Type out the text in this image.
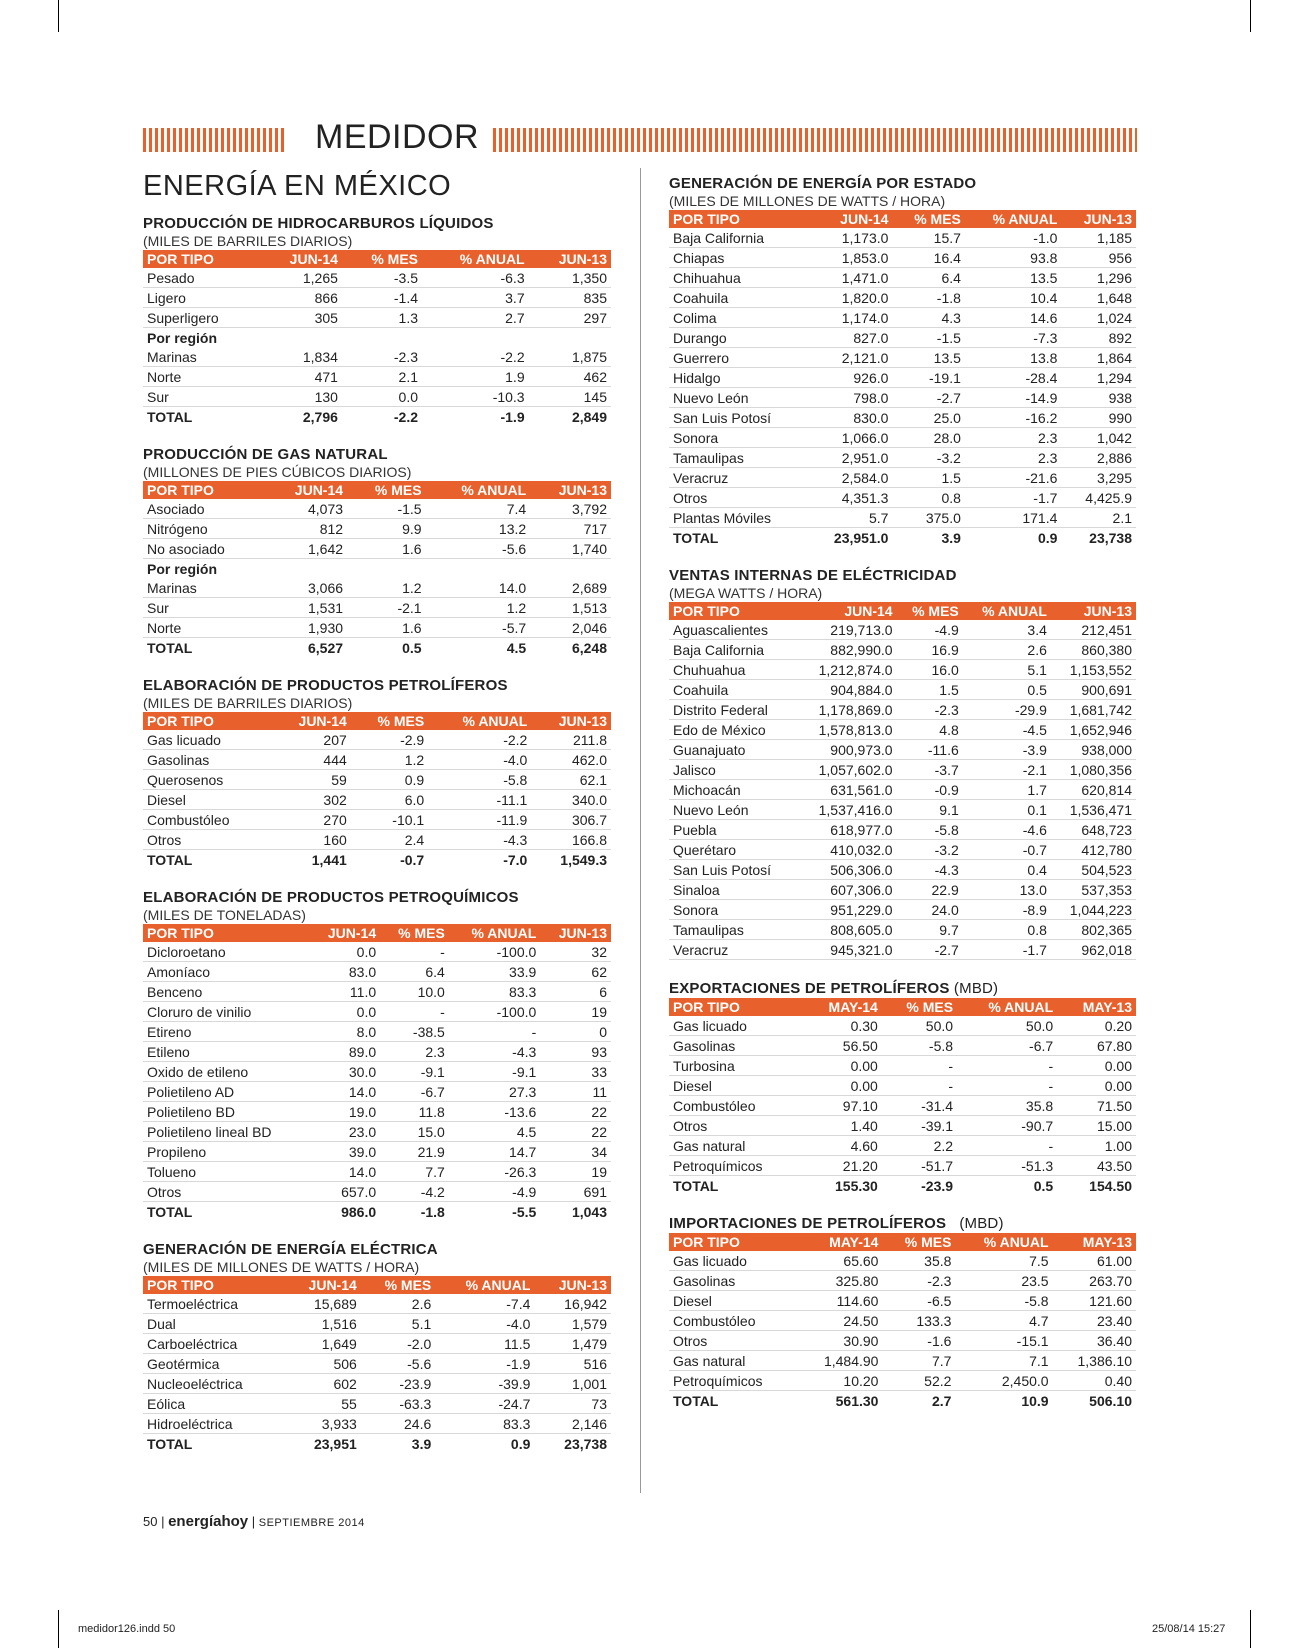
MEDIDOR
ENERGÍA EN MÉXICO
PRODUCCIÓN DE HIDROCARBUROS LÍQUIDOS
(MILES DE BARRILES DIARIOS)
POR TIPO	JUN-14	% MES	% ANUAL	JUN-13
Pesado	1,265	-3.5	-6.3	1,350
Ligero	866	-1.4	3.7	835
Superligero	305	1.3	2.7	297
Por región				
Marinas	1,834	-2.3	-2.2	1,875
Norte	471	2.1	1.9	462
Sur	130	0.0	-10.3	145
TOTAL	2,796	-2.2	-1.9	2,849
PRODUCCIÓN DE GAS NATURAL
(MILLONES DE PIES CÚBICOS DIARIOS)
POR TIPO	JUN-14	% MES	% ANUAL	JUN-13
Asociado	4,073	-1.5	7.4	3,792
Nitrógeno	812	9.9	13.2	717
No asociado	1,642	1.6	-5.6	1,740
Por región				
Marinas	3,066	1.2	14.0	2,689
Sur	1,531	-2.1	1.2	1,513
Norte	1,930	1.6	-5.7	2,046
TOTAL	6,527	0.5	4.5	6,248
ELABORACIÓN DE PRODUCTOS PETROLÍFEROS
(MILES DE BARRILES DIARIOS)
POR TIPO	JUN-14	% MES	% ANUAL	JUN-13
Gas licuado	207	-2.9	-2.2	211.8
Gasolinas	444	1.2	-4.0	462.0
Querosenos	59	0.9	-5.8	62.1
Diesel	302	6.0	-11.1	340.0
Combustóleo	270	-10.1	-11.9	306.7
Otros	160	2.4	-4.3	166.8
TOTAL	1,441	-0.7	-7.0	1,549.3
ELABORACIÓN DE PRODUCTOS PETROQUÍMICOS
(MILES DE TONELADAS)
POR TIPO	JUN-14	% MES	% ANUAL	JUN-13
Dicloroetano	0.0	-	-100.0	32
Amoníaco	83.0	6.4	33.9	62
Benceno	11.0	10.0	83.3	6
Cloruro de vinilio	0.0	-	-100.0	19
Etireno	8.0	-38.5	-	0
Etileno	89.0	2.3	-4.3	93
Oxido de etileno	30.0	-9.1	-9.1	33
Polietileno AD	14.0	-6.7	27.3	11
Polietileno BD	19.0	11.8	-13.6	22
Polietileno lineal BD	23.0	15.0	4.5	22
Propileno	39.0	21.9	14.7	34
Tolueno	14.0	7.7	-26.3	19
Otros	657.0	-4.2	-4.9	691
TOTAL	986.0	-1.8	-5.5	1,043
GENERACIÓN DE ENERGÍA ELÉCTRICA
(MILES DE MILLONES DE WATTS / HORA)
POR TIPO	JUN-14	% MES	% ANUAL	JUN-13
Termoeléctrica	15,689	2.6	-7.4	16,942
Dual	1,516	5.1	-4.0	1,579
Carboeléctrica	1,649	-2.0	11.5	1,479
Geotérmica	506	-5.6	-1.9	516
Nucleoeléctrica	602	-23.9	-39.9	1,001
Eólica	55	-63.3	-24.7	73
Hidroeléctrica	3,933	24.6	83.3	2,146
TOTAL	23,951	3.9	0.9	23,738
GENERACIÓN DE ENERGÍA POR ESTADO
(MILES DE MILLONES DE WATTS / HORA)
POR TIPO	JUN-14	% MES	% ANUAL	JUN-13
Baja California	1,173.0	15.7	-1.0	1,185
Chiapas	1,853.0	16.4	93.8	956
Chihuahua	1,471.0	6.4	13.5	1,296
Coahuila	1,820.0	-1.8	10.4	1,648
Colima	1,174.0	4.3	14.6	1,024
Durango	827.0	-1.5	-7.3	892
Guerrero	2,121.0	13.5	13.8	1,864
Hidalgo	926.0	-19.1	-28.4	1,294
Nuevo León	798.0	-2.7	-14.9	938
San Luis Potosí	830.0	25.0	-16.2	990
Sonora	1,066.0	28.0	2.3	1,042
Tamaulipas	2,951.0	-3.2	2.3	2,886
Veracruz	2,584.0	1.5	-21.6	3,295
Otros	4,351.3	0.8	-1.7	4,425.9
Plantas Móviles	5.7	375.0	171.4	2.1
TOTAL	23,951.0	3.9	0.9	23,738
VENTAS INTERNAS DE ELÉCTRICIDAD
(MEGA WATTS / HORA)
POR TIPO	JUN-14	% MES	% ANUAL	JUN-13
Aguascalientes	219,713.0	-4.9	3.4	212,451
Baja California	882,990.0	16.9	2.6	860,380
Chuhuahua	1,212,874.0	16.0	5.1	1,153,552
Coahuila	904,884.0	1.5	0.5	900,691
Distrito Federal	1,178,869.0	-2.3	-29.9	1,681,742
Edo de México	1,578,813.0	4.8	-4.5	1,652,946
Guanajuato	900,973.0	-11.6	-3.9	938,000
Jalisco	1,057,602.0	-3.7	-2.1	1,080,356
Michoacán	631,561.0	-0.9	1.7	620,814
Nuevo León	1,537,416.0	9.1	0.1	1,536,471
Puebla	618,977.0	-5.8	-4.6	648,723
Querétaro	410,032.0	-3.2	-0.7	412,780
San Luis Potosí	506,306.0	-4.3	0.4	504,523
Sinaloa	607,306.0	22.9	13.0	537,353
Sonora	951,229.0	24.0	-8.9	1,044,223
Tamaulipas	808,605.0	9.7	0.8	802,365
Veracruz	945,321.0	-2.7	-1.7	962,018
EXPORTACIONES DE PETROLÍFEROS (MBD)
POR TIPO	MAY-14	% MES	% ANUAL	MAY-13
Gas licuado	0.30	50.0	50.0	0.20
Gasolinas	56.50	-5.8	-6.7	67.80
Turbosina	0.00	-	-	0.00
Diesel	0.00	-	-	0.00
Combustóleo	97.10	-31.4	35.8	71.50
Otros	1.40	-39.1	-90.7	15.00
Gas natural	4.60	2.2	-	1.00
Petroquímicos	21.20	-51.7	-51.3	43.50
TOTAL	155.30	-23.9	0.5	154.50
IMPORTACIONES DE PETROLÍFEROS   (MBD)
POR TIPO	MAY-14	% MES	% ANUAL	MAY-13
Gas licuado	65.60	35.8	7.5	61.00
Gasolinas	325.80	-2.3	23.5	263.70
Diesel	114.60	-6.5	-5.8	121.60
Combustóleo	24.50	133.3	4.7	23.40
Otros	30.90	-1.6	-15.1	36.40
Gas natural	1,484.90	7.7	7.1	1,386.10
Petroquímicos	10.20	52.2	2,450.0	0.40
TOTAL	561.30	2.7	10.9	506.10
50 | energíahoy | SEPTIEMBRE 2014
medidor126.indd 50	25/08/14 15:27
